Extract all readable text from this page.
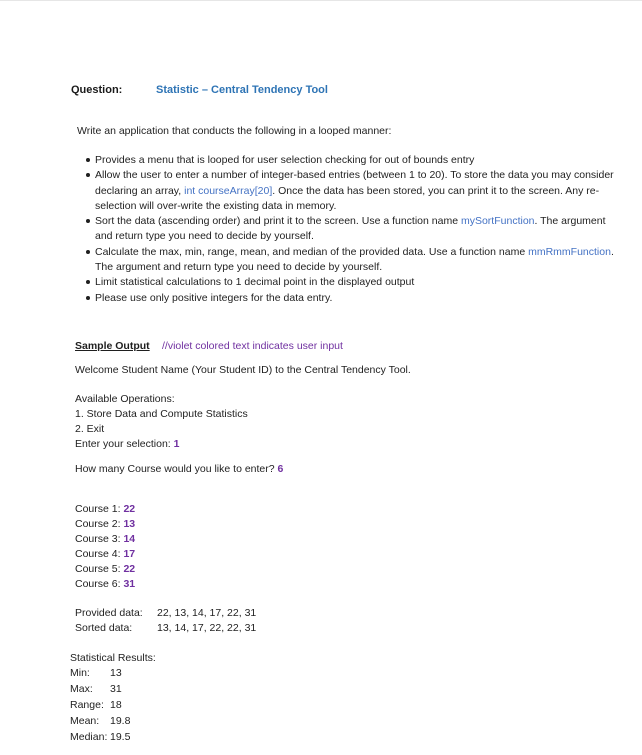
Question:	Statistic – Central Tendency Tool
Write an application that conducts the following in a looped manner:
Provides a menu that is looped for user selection checking for out of bounds entry
Allow the user to enter a number of integer-based entries (between 1 to 20). To store the data you may consider declaring an array, int courseArray[20]. Once the data has been stored, you can print it to the screen. Any re-selection will over-write the existing data in memory.
Sort the data (ascending order) and print it to the screen. Use a function name mySortFunction. The argument and return type you need to decide by yourself.
Calculate the max, min, range, mean, and median of the provided data. Use a function name mmRmmFunction. The argument and return type you need to decide by yourself.
Limit statistical calculations to 1 decimal point in the displayed output
Please use only positive integers for the data entry.
Sample Output //violet colored text indicates user input
Welcome Student Name (Your Student ID) to the Central Tendency Tool.
Available Operations:
1. Store Data and Compute Statistics
2. Exit
Enter your selection: 1
How many Course would you like to enter? 6
Course 1: 22
Course 2: 13
Course 3: 14
Course 4: 17
Course 5: 22
Course 6: 31
Provided data: 22, 13, 14, 17, 22, 31
Sorted data: 13, 14, 17, 22, 22, 31
Statistical Results:
Min: 13
Max: 31
Range: 18
Mean: 19.8
Median: 19.5
